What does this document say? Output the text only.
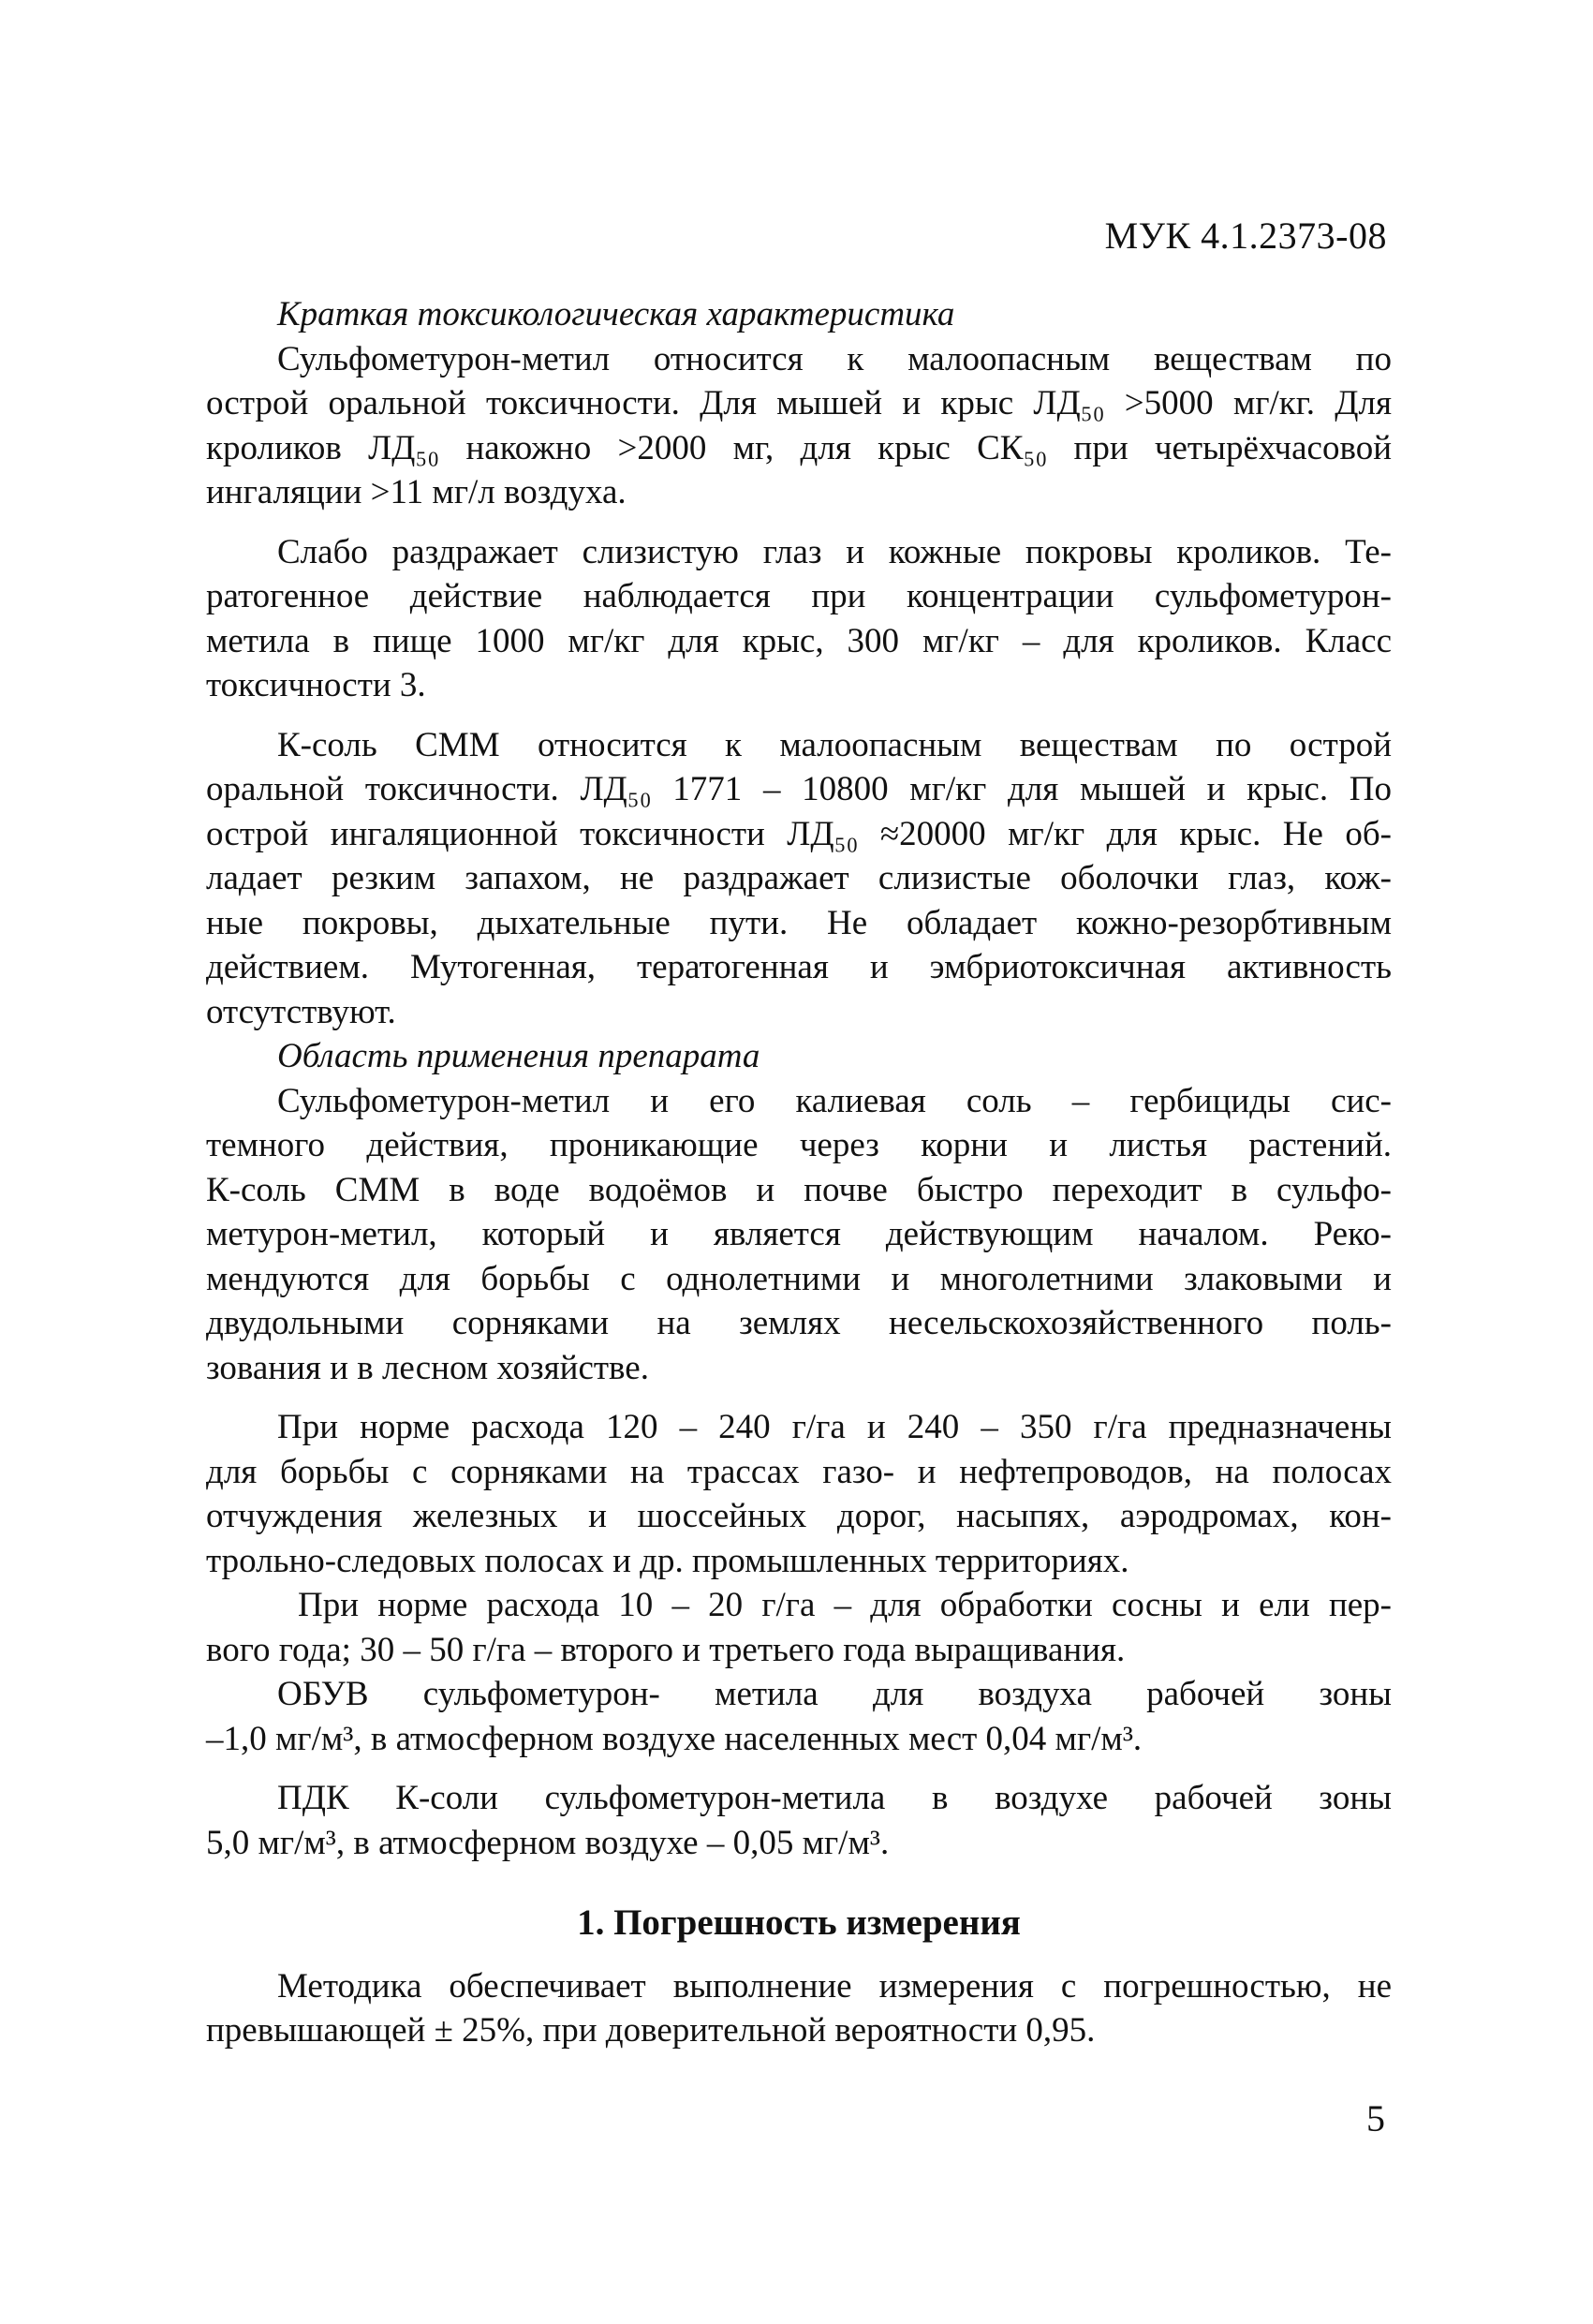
МУК 4.1.2373-08
Краткая токсикологическая характеристика
Сульфометурон-метил относится к малоопасным веществам по
острой оральной токсичности. Для мышей и крыс ЛД₅₀ >5000 мг/кг. Для
кроликов ЛД₅₀ накожно >2000 мг, для крыс СК₅₀ при четырёхчасовой
ингаляции >11 мг/л воздуха.
Слабо раздражает слизистую глаз и кожные покровы кроликов. Те-
ратогенное действие наблюдается при концентрации сульфометурон-
метила в пище 1000 мг/кг для крыс, 300 мг/кг – для кроликов. Класс
токсичности 3.
К-соль СММ относится к малоопасным веществам по острой
оральной токсичности. ЛД₅₀ 1771 – 10800 мг/кг для мышей и крыс. По
острой ингаляционной токсичности ЛД₅₀ ≈20000 мг/кг для крыс. Не об-
ладает резким запахом, не раздражает слизистые оболочки глаз, кож-
ные покровы, дыхательные пути. Не обладает кожно-резорбтивным
действием. Мутогенная, тератогенная и эмбриотоксичная активность
отсутствуют.
Область применения препарата
Сульфометурон-метил и его калиевая соль – гербициды сис-
темного действия, проникающие через корни и листья растений.
К-соль СММ в воде водоёмов и почве быстро переходит в сульфо-
метурон-метил, который и является действующим началом. Реко-
мендуются для борьбы с однолетними и многолетними злаковыми и
двудольными сорняками на землях несельскохозяйственного поль-
зования и в лесном хозяйстве.
При норме расхода 120 – 240 г/га и 240 – 350 г/га предназначены
для борьбы с сорняками на трассах газо- и нефтепроводов, на полосах
отчуждения железных и шоссейных дорог, насыпях, аэродромах, кон-
трольно-следовых полосах и др. промышленных территориях.
При норме расхода 10 – 20 г/га – для обработки сосны и ели пер-
вого года; 30 – 50 г/га – второго и третьего года выращивания.
ОБУВ сульфометурон- метила для воздуха рабочей зоны
–1,0 мг/м³, в атмосферном воздухе населенных мест 0,04 мг/м³.
ПДК К-соли сульфометурон-метила в воздухе рабочей зоны
5,0 мг/м³, в атмосферном воздухе – 0,05 мг/м³.
1. Погрешность измерения
Методика обеспечивает выполнение измерения с погрешностью, не
превышающей ± 25%, при доверительной вероятности 0,95.
5
